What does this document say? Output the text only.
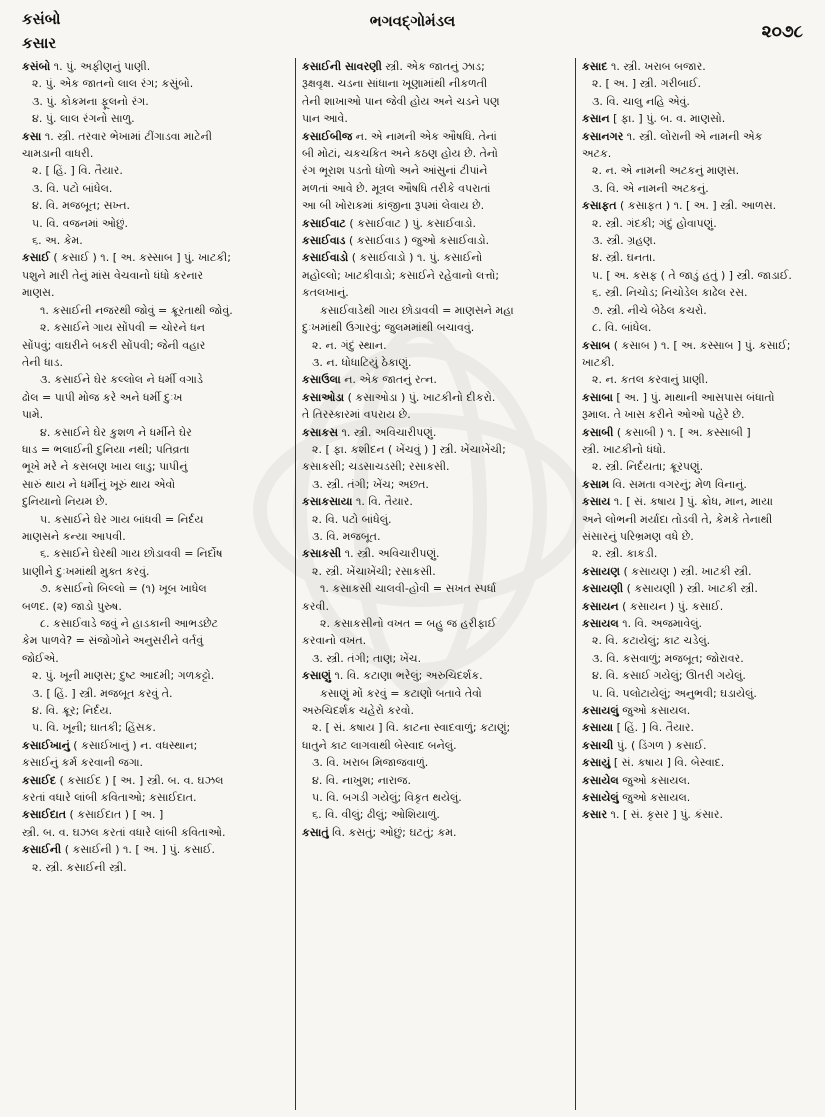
કસંબો
કસાર
ભગવદ્ગોમંડલ
૨૦૭૮
કસંબો ૧. પું. અફીણનું પાણી.
૨. પું. એક જાતનો લાલ રંગ; કસુંબો.
૩. પું. કોકમના ફૂલનો રંગ.
૪. પું. લાલ રંગનો સાળુ.
કસા ૧. સ્ત્રી. તરવાર ભેખામાં ટીંગાડવા માટેની
ચામડાની વાધરી.
૨. [ હિં. ] વિ. તૈયાર.
૩. વિ. પટો બાંધેલ.
૪. વિ. મજબૂત; સખ્ત.
૫. વિ. વજનમાં ઓછું.
૬. અ. કેમ.
કસાઈ ( કસાઈ ) ૧. [ અ. કસ્સાબ ] પું. ખાટકી;
પશુને મારી તેનું માંસ વેચવાનો ધંધો કરનાર
માણસ.
૧. કસાઈની નજરથી જોવું = ક્રૂરતાથી જોવું.
૨. કસાઈને ગાય સોંપવી = ચોરને ધન
સોંપવું; વાઘરીને બકરી સોંપવી; જેની વહાર
તેની ધાડ.
૩. કસાઈને ઘેર કલ્લોલ ને ધર્મી વગાડે
ઢોલ = પાપી મોજ કરે અને ધર્મી દુઃખ
પામે.
૪. કસાઈને ઘેર કુશળ ને ધર્મીને ઘેર
ધાડ = ભલાઈની દુનિયા નથી; પતિવ્રતા
ભૂખે મરે ને કસબણ ખાય લાડુ; પાપીનું
સારું થાય ને ધર્મીનું ખૂરું થાય એવો
દુનિયાનો નિયમ છે.
૫. કસાઈને ઘેર ગાય બાંધવી = નિર્દય
માણસને કન્યા આપવી.
૬. કસાઈને ઘેરથી ગાય છોડાવવી = નિર્દોષ
પ્રાણીને દુઃખમાંથી મુક્ત કરવું.
૭. કસાઈનો બિલ્લો = (૧) ખૂબ ખાધેલ
બળદ. (૨) જાડો પુરુષ.
૮. કસાઈવાડે જવું ને હાડકાની આભડછેટ
કેમ પાળવે? = સંજોગોને અનુસરીને વર્તવું
જોઈએ.
૨. પું. ખૂની માણસ; દુષ્ટ આદમી; ગળકટ્ટો.
૩. [ હિં. ] સ્ત્રી. મજબૂત કરવું તે.
૪. વિ. ક્રૂર; નિર્દય.
૫. વિ. ખૂની; ઘાતકી; હિંસક.
કસાઈખાનું ( કસાઈખાનું ) ન. વધસ્થાન;
કસાઈનું કર્મ કરવાની જગા.
કસાઈદ ( કસાઈદ ) [ અ. ] સ્ત્રી. બ. વ. ઘઝલ
કરતાં વધારે લાંબી કવિતાઓ; કસાઈદાત.
કસાઈદાત ( કસાઈદાત ) [ અ. ]
સ્ત્રી. બ. વ. ઘઝલ કરતાં વધારે લાંબી કવિતાઓ.
કસાઈની ( કસાઈની ) ૧. [ અ. ] પું. કસાઈ.
૨. સ્ત્રી. કસાઈની સ્ત્રી.
કસાઈની સાવરણી સ્ત્રી. એક જાતનું ઝાડ;
રૂક્ષવૃક્ષ. ચડના સાંધાના ખૂણામાંથી નીકળતી
તેની શાખાઓ પાન જેવી હોય અને ચડને પણ
પાન આવે.
કસાઈબીજ ન. એ નામની એક ઔષધિ. તેનાં
બી મોટાં, ચકચકિત અને કઠણ હોય છે. તેનો
રંગ ભૂરાશ પડતો ધોળો અને આંસુનાં ટીપાંને
મળતાં આવે છે. મૂત્રલ ઔષધિ તરીકે વપરાતાં
આ બી ખોરાકમાં કાંજીના રૂપમાં લેવાય છે.
કસાઈવાટ ( કસાઈવાટ ) પું. કસાઈવાડો.
કસાઈવાડ ( કસાઈવાડ ) જુઓ કસાઈવાડો.
કસાઈવાડો ( કસાઈવાડો ) ૧. પું. કસાઈનો
મહોલ્લો; ખાટકીવાડો; કસાઈને રહેવાનો લત્તો;
કતલખાનું.
કસાઈવાડેથી ગાય છોડાવવી = માણસને મહા
દુઃખમાંથી ઉગારવું; જુલમમાંથી બચાવવું.
૨. ન. ગંદું સ્થાન.
૩. ન. ધોધાટિયું ઠેકાણું.
કસાઉલા ન. એક જાતનું રત્ન.
કસાઓડા ( કસાઓડા ) પું. ખાટકીનો દીકરો.
તે તિરસ્કારમાં વપરાય છે.
કસાકસ ૧. સ્ત્રી. અવિચારીપણું.
૨. [ ફા. કશીદન ( ખેંચવું ) ] સ્ત્રી. ખેંચાખેંચી;
કસાકસી; ચડસાચડસી; રસાકસી.
૩. સ્ત્રી. તંગી; ખેંચ; અછત.
કસાકસાયા ૧. વિ. તૈયાર.
૨. વિ. પટો બાંધેલું.
૩. વિ. મજબૂત.
કસાકસી ૧. સ્ત્રી. અવિચારીપણું.
૨. સ્ત્રી. ખેંચાખેંચી; રસાકસી.
૧. કસાકસી ચાલવી-હોવી = સખત સ્પર્ધા
કરવી.
૨. કસાકસીનો વખત = બહુ જ હરીફાઈ
કરવાનો વખત.
૩. સ્ત્રી. તંગી; તાણ; ખેંચ.
કસાણું ૧. વિ. કટાણા ભરેલું; અરુચિદર્શક.
કસાણું મોં કરવું = કટાણો બતાવે તેવો
અરુચિદર્શક ચહેરો કરવો.
૨. [ સં. કષાય ] વિ. કાટના સ્વાદવાળું; કટાણું;
ધાતુને કાટ લાગવાથી બેસ્વાદ બનેલું.
૩. વિ. ખરાબ મિજાજવાળું.
૪. વિ. નાખુશ; નારાજ.
૫. વિ. બગડી ગયેલું; વિકૃત થયેલું.
૬. વિ. વીલું; ઢીલું; ઓશિયાળું.
કસાતું વિ. કસતું; ઓછું; ઘટતું; કમ.
કસાદ ૧. સ્ત્રી. ખરાબ બજાર.
૨. [ અ. ] સ્ત્રી. ગરીબાઈ.
૩. વિ. ચાલુ નહિ એવું.
કસાન [ ફા. ] પું. બ. વ. માણસો.
કસાનગર ૧. સ્ત્રી. લોરાની એ નામની એક
અટક.
૨. ન. એ નામની અટકનું માણસ.
૩. વિ. એ નામની અટકનું.
કસાફત ( કસાફત ) ૧. [ અ. ] સ્ત્રી. આળસ.
૨. સ્ત્રી. ગંદકી; ગંદું હોવાપણું.
૩. સ્ત્રી. ગ્રહણ.
૪. સ્ત્રી. ઘનતા.
૫. [ અ. કસફ ( તે જાડું હતું ) ] સ્ત્રી. જાડાઈ.
૬. સ્ત્રી. નિચોડ; નિચોડેલ કાઢેલ રસ.
૭. સ્ત્રી. નીચે બેઠેલ કચરો.
૮. વિ. બાંધેલ.
કસાબ ( કસાબ ) ૧. [ અ. કસ્સાબ ] પું. કસાઈ;
ખાટકી.
૨. ન. કતલ કરવાનું પ્રાણી.
કસાબા [ અ. ] પું. માથાની આસપાસ બંધાતો
રૂમાલ. તે ખાસ કરીને ઓઓ પહેરે છે.
કસાબી ( કસાબી ) ૧. [ અ. કસ્સાબી ]
સ્ત્રી. ખાટકીનો ધંધો.
૨. સ્ત્રી. નિર્દયતા; ક્રૂરપણું.
કસામ વિ. સમતા વગરનું; મેળ વિનાનું.
કસાય ૧. [ સં. કષાય ] પું. ક્રોધ, માન, માયા
અને લોભની મર્યાદા તોડવી તે, કેમકે તેનાથી
સંસારનું પરિભ્રમણ વધે છે.
૨. સ્ત્રી. કાકડી.
કસાયણ ( કસાયણ ) સ્ત્રી. ખાટકી સ્ત્રી.
કસાયણી ( કસાયણી ) સ્ત્રી. ખાટકી સ્ત્રી.
કસાયન ( કસાયન ) પું. કસાઈ.
કસાયલ ૧. વિ. અજમાવેલું.
૨. વિ. કટાયેલું; કાટ ચડેલું.
૩. વિ. કસવાળું; મજબૂત; જોરાવર.
૪. વિ. કસાઈ ગયેલું; ઊતરી ગયેલું.
૫. વિ. પલોટાયેલું; અનુભવી; ઘડાયેલું.
કસાયલું જુઓ કસાયલ.
કસાયા [ હિં. ] વિ. તૈયાર.
કસાચી પું. ( ડિંગળ ) કસાઈ.
કસાયું [ સં. કષાય ] વિ. બેસ્વાદ.
કસાયેલ જુઓ કસાયલ.
કસાયેલું જુઓ કસાયલ.
કસાર ૧. [ સં. કૃસર ] પું. કંસાર.
